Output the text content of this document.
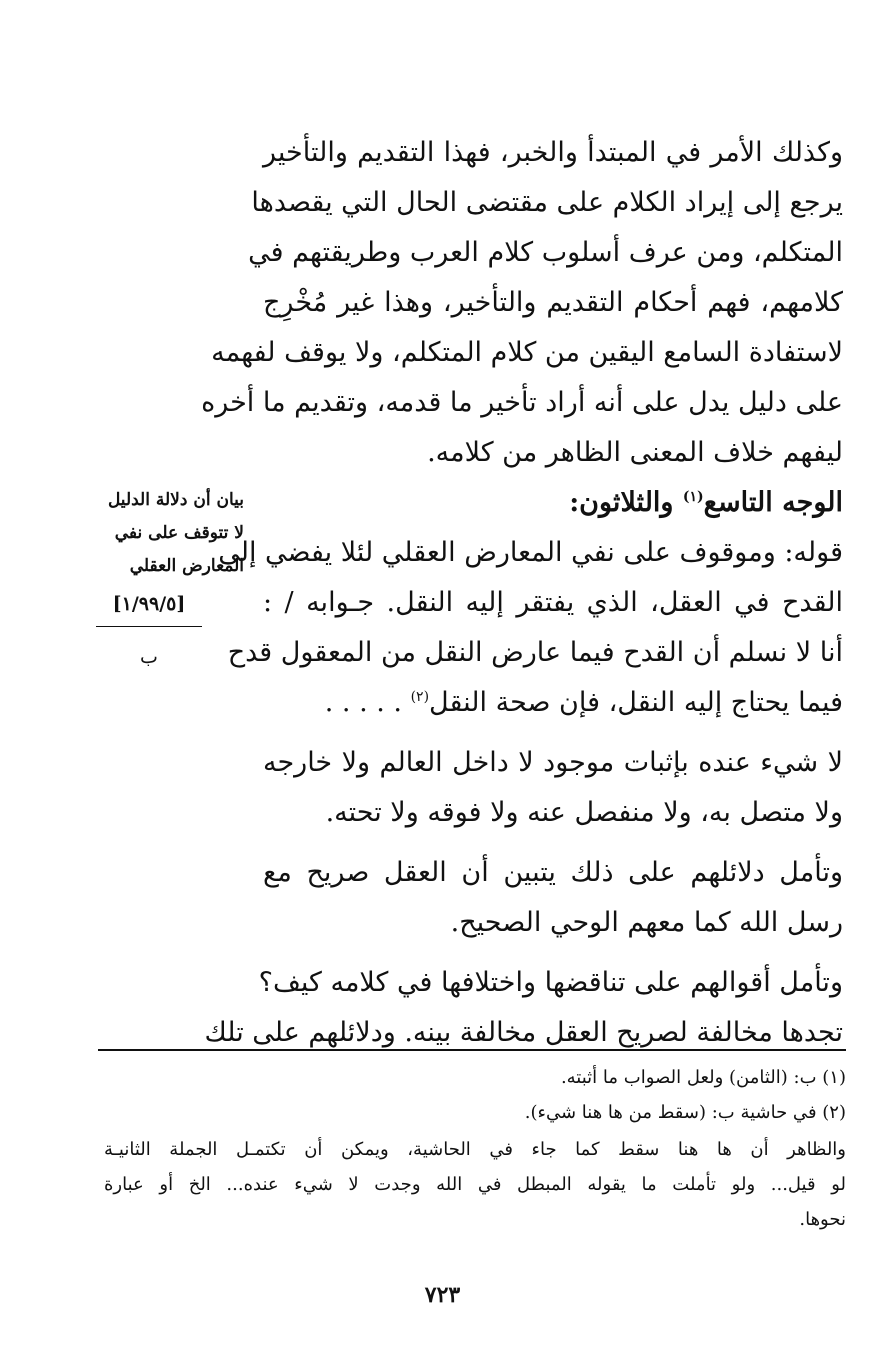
وكذلك الأمر في المبتدأ والخبر، فهذا التقديم والتأخير
يرجع إلى إيراد الكلام على مقتضى الحال التي يقصدها
المتكلم، ومن عرف أسلوب كلام العرب وطريقتهم في
كلامهم، فهم أحكام التقديم والتأخير، وهذا غير مُخْرِج
لاستفادة السامع اليقين من كلام المتكلم، ولا يوقف لفهمه
على دليل يدل على أنه أراد تأخير ما قدمه، وتقديم ما أخره
ليفهم خلاف المعنى الظاهر من كلامه.
الوجه التاسع$^{(١)}$ والثلاثون:
قوله: وموقوف على نفي المعارض العقلي لئلا يفضي إلى
القدح في العقل، الذي يفتقر إليه النقل. جـوابه / :
أنا لا نسلم أن القدح فيما عارض النقل من المعقول قدح
فيما يحتاج إليه النقل، فإن صحة النقل$^{(٢)}$ . . . . .
لا شيء عنده بإثبات موجود لا داخل العالم ولا خارجه
ولا متصل به، ولا منفصل عنه ولا فوقه ولا تحته.
وتأمل دلائلهم على ذلك يتبين أن العقل صريح مع
رسل الله كما معهم الوحي الصحيح.
وتأمل أقوالهم على تناقضها واختلافها في كلامه كيف؟
تجدها مخالفة لصريح العقل مخالفة بينه. ودلائلهم على تلك
بيان أن دلالة الدليل
لا تتوقف على نفي
المعارض العقلي
[١/٩٩/٥]
ب
(١) ب: (الثامن) ولعل الصواب ما أثبته.
(٢) في حاشية ب: (سقط من ها هنا شيء).
والظاهر أن ها هنا سقط كما جاء في الحاشية، ويمكن أن تكتمـل الجملة الثانيـة
لو قيل... ولو تأملت ما يقوله المبطل في الله وجدت لا شيء عنده... الخ أو عبارة
نحوها.
٧٢٣
